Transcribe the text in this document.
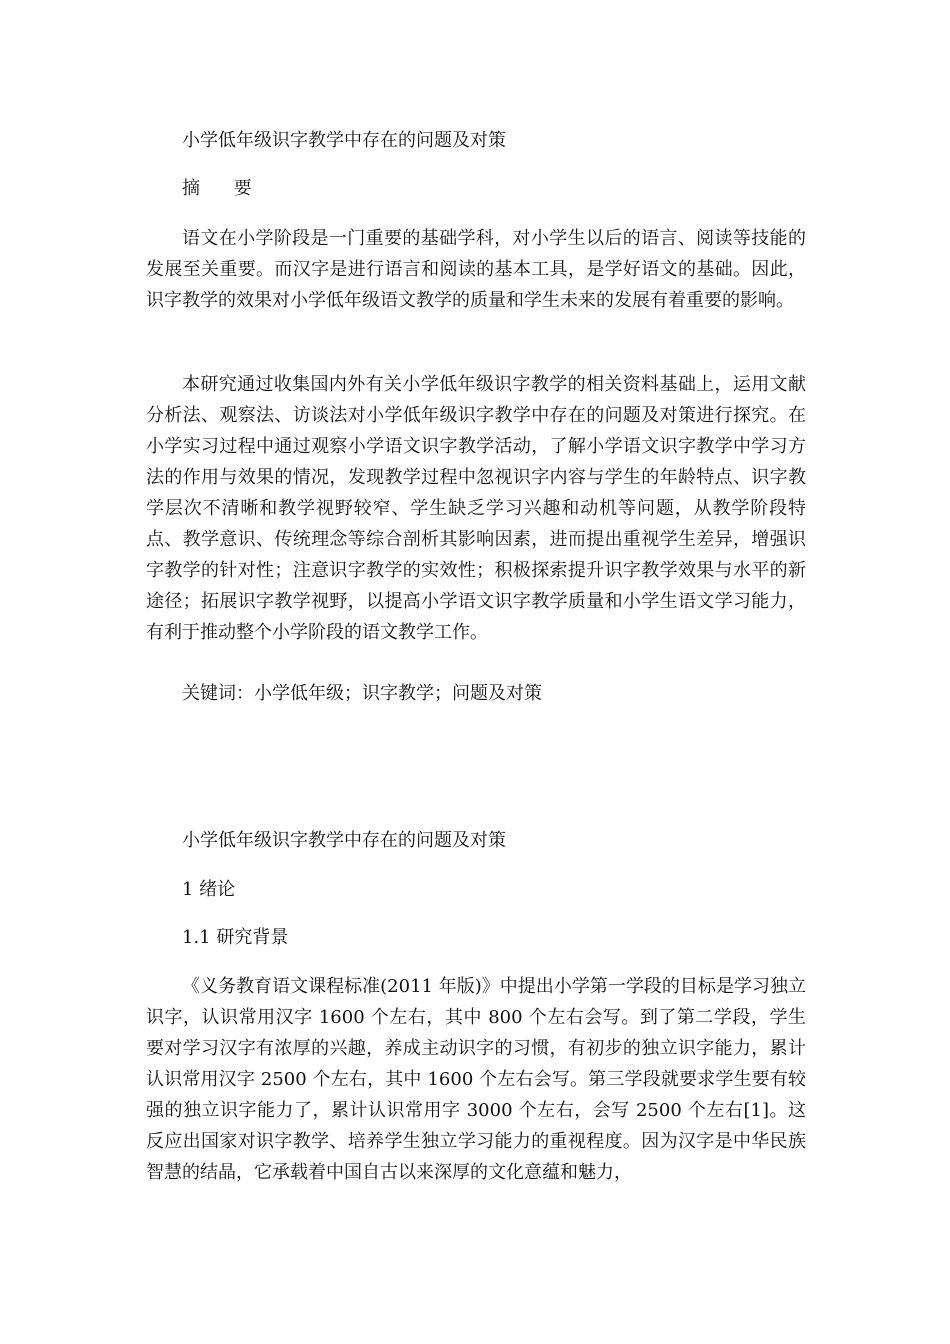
小学低年级识字教学中存在的问题及对策

摘 要

语文在小学阶段是一门重要的基础学科，对小学生以后的语言、阅读等技能的发展至关重要。而汉字是进行语言和阅读的基本工具，是学好语文的基础。因此，识字教学的效果对小学低年级语文教学的质量和学生未来的发展有着重要的影响。

本研究通过收集国内外有关小学低年级识字教学的相关资料基础上，运用文献分析法、观察法、访谈法对小学低年级识字教学中存在的问题及对策进行探究。在小学实习过程中通过观察小学语文识字教学活动，了解小学语文识字教学中学习方法的作用与效果的情况，发现教学过程中忽视识字内容与学生的年龄特点、识字教学层次不清晰和教学视野较窄、学生缺乏学习兴趣和动机等问题，从教学阶段特点、教学意识、传统理念等综合剖析其影响因素，进而提出重视学生差异，增强识字教学的针对性；注意识字教学的实效性；积极探索提升识字教学效果与水平的新途径；拓展识字教学视野，以提高小学语文识字教学质量和小学生语文学习能力，有利于推动整个小学阶段的语文教学工作。

关键词：小学低年级；识字教学；问题及对策

小学低年级识字教学中存在的问题及对策

1 绪论

1.1 研究背景

《义务教育语文课程标准(2011 年版)》中提出小学第一学段的目标是学习独立识字，认识常用汉字 1600 个左右，其中 800 个左右会写。到了第二学段，学生要对学习汉字有浓厚的兴趣，养成主动识字的习惯，有初步的独立识字能力，累计认识常用汉字 2500 个左右，其中 1600 个左右会写。第三学段就要求学生要有较强的独立识字能力了，累计认识常用字 3000 个左右，会写 2500 个左右[1]。这反应出国家对识字教学、培养学生独立学习能力的重视程度。因为汉字是中华民族智慧的结晶，它承载着中国自古以来深厚的文化意蕴和魅力，
